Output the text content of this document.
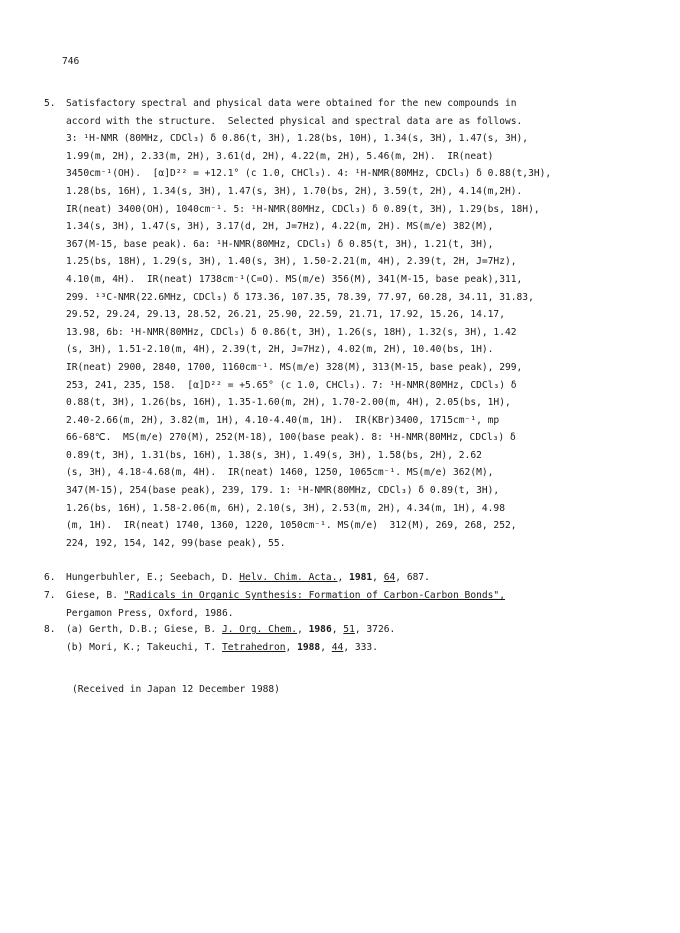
746
5. Satisfactory spectral and physical data were obtained for the new compounds in
accord with the structure.  Selected physical and spectral data are as follows.
3: ¹H-NMR (80MHz, CDCl₃) δ 0.86(t, 3H), 1.28(bs, 10H), 1.34(s, 3H), 1.47(s, 3H),
1.99(m, 2H), 2.33(m, 2H), 3.61(d, 2H), 4.22(m, 2H), 5.46(m, 2H).  IR(neat)
3450cm⁻¹(OH).  [α]D²² = +12.1° (c 1.0, CHCl₃). 4: ¹H-NMR(80MHz, CDCl₃) δ 0.88(t,3H),
1.28(bs, 16H), 1.34(s, 3H), 1.47(s, 3H), 1.70(bs, 2H), 3.59(t, 2H), 4.14(m,2H).
IR(neat) 3400(OH), 1040cm⁻¹. 5: ¹H-NMR(80MHz, CDCl₃) δ 0.89(t, 3H), 1.29(bs, 18H),
1.34(s, 3H), 1.47(s, 3H), 3.17(d, 2H, J=7Hz), 4.22(m, 2H). MS(m/e) 382(M),
367(M-15, base peak). 6a: ¹H-NMR(80MHz, CDCl₃) δ 0.85(t, 3H), 1.21(t, 3H),
1.25(bs, 18H), 1.29(s, 3H), 1.40(s, 3H), 1.50-2.21(m, 4H), 2.39(t, 2H, J=7Hz),
4.10(m, 4H).  IR(neat) 1738cm⁻¹(C=O). MS(m/e) 356(M), 341(M-15, base peak),311,
299. ¹³C-NMR(22.6MHz, CDCl₃) δ 173.36, 107.35, 78.39, 77.97, 60.28, 34.11, 31.83,
29.52, 29.24, 29.13, 28.52, 26.21, 25.90, 22.59, 21.71, 17.92, 15.26, 14.17,
13.98, 6b: ¹H-NMR(80MHz, CDCl₃) δ 0.86(t, 3H), 1.26(s, 18H), 1.32(s, 3H), 1.42
(s, 3H), 1.51-2.10(m, 4H), 2.39(t, 2H, J=7Hz), 4.02(m, 2H), 10.40(bs, 1H).
IR(neat) 2900, 2840, 1700, 1160cm⁻¹. MS(m/e) 328(M), 313(M-15, base peak), 299,
253, 241, 235, 158.  [α]D²² = +5.65° (c 1.0, CHCl₃). 7: ¹H-NMR(80MHz, CDCl₃) δ
0.88(t, 3H), 1.26(bs, 16H), 1.35-1.60(m, 2H), 1.70-2.00(m, 4H), 2.05(bs, 1H),
2.40-2.66(m, 2H), 3.82(m, 1H), 4.10-4.40(m, 1H).  IR(KBr)3400, 1715cm⁻¹, mp
66-68℃.  MS(m/e) 270(M), 252(M-18), 100(base peak). 8: ¹H-NMR(80MHz, CDCl₃) δ
0.89(t, 3H), 1.31(bs, 16H), 1.38(s, 3H), 1.49(s, 3H), 1.58(bs, 2H), 2.62
(s, 3H), 4.18-4.68(m, 4H).  IR(neat) 1460, 1250, 1065cm⁻¹. MS(m/e) 362(M),
347(M-15), 254(base peak), 239, 179. 1: ¹H-NMR(80MHz, CDCl₃) δ 0.89(t, 3H),
1.26(bs, 16H), 1.58-2.06(m, 6H), 2.10(s, 3H), 2.53(m, 2H), 4.34(m, 1H), 4.98
(m, 1H).  IR(neat) 1740, 1360, 1220, 1050cm⁻¹. MS(m/e)  312(M), 269, 268, 252,
224, 192, 154, 142, 99(base peak), 55.
6. Hungerbuhler, E.; Seebach, D. Helv. Chim. Acta., 1981, 64, 687.
7. Giese, B. "Radicals in Organic Synthesis: Formation of Carbon-Carbon Bonds",
Pergamon Press, Oxford, 1986.
8. (a) Gerth, D.B.; Giese, B. J. Org. Chem., 1986, 51, 3726.
(b) Mori, K.; Takeuchi, T. Tetrahedron, 1988, 44, 333.
(Received in Japan 12 December 1988)
